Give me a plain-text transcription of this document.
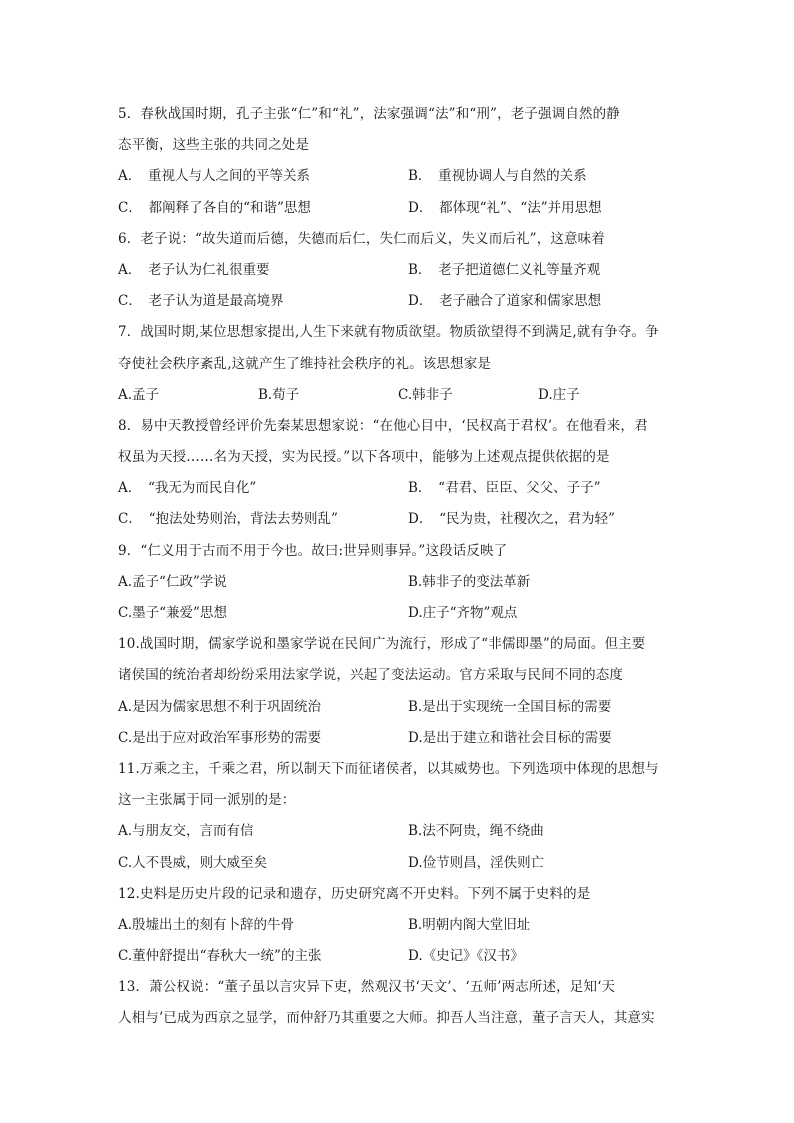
5．春秋战国时期，孔子主张“仁”和“礼”，法家强调“法”和“刑”，老子强调自然的静
态平衡，这些主张的共同之处是
A．　重视人与人之间的平等关系	B．　重视协调人与自然的关系
C．　都阐释了各自的“和谐”思想	D．　都体现“礼”、“法”并用思想
6．老子说：“故失道而后德，失德而后仁，失仁而后义，失义而后礼”，这意味着
A．　老子认为仁礼很重要	B．　老子把道德仁义礼等量齐观
C．　老子认为道是最高境界	D．　老子融合了道家和儒家思想
7．战国时期,某位思想家提出,人生下来就有物质欲望。物质欲望得不到满足,就有争夺。争
夺使社会秩序紊乱,这就产生了维持社会秩序的礼。该思想家是
A.孟子	B.荀子	C.韩非子	D.庄子
8．易中天教授曾经评价先秦某思想家说：“在他心目中，‘民权高于君权’。在他看来，君
权虽为天授……名为天授，实为民授。”以下各项中，能够为上述观点提供依据的是
A．　“我无为而民自化”	B．　“君君、臣臣、父父、子子”
C．　“抱法处势则治，背法去势则乱”	D．　“民为贵，社稷次之，君为轻”
9．“仁义用于古而不用于今也。故曰:世异则事异。”这段话反映了
A.孟子“仁政”学说	B.韩非子的变法革新
C.墨子“兼爱”思想	D.庄子“齐物”观点
10.战国时期，儒家学说和墨家学说在民间广为流行，形成了“非儒即墨”的局面。但主要
诸侯国的统治者却纷纷采用法家学说，兴起了变法运动。官方采取与民间不同的态度
A.是因为儒家思想不利于巩固统治	B.是出于实现统一全国目标的需要
C.是出于应对政治军事形势的需要	D.是出于建立和谐社会目标的需要
11.万乘之主，千乘之君，所以制天下而征诸侯者，以其威势也。下列选项中体现的思想与
这一主张属于同一派别的是：
A.与朋友交，言而有信	B.法不阿贵，绳不绕曲
C.人不畏威，则大威至矣	D.俭节则昌，淫佚则亡
12.史料是历史片段的记录和遗存，历史研究离不开史料。下列不属于史料的是
A.殷墟出土的刻有卜辞的牛骨	B.明朝内阁大堂旧址
C.董仲舒提出“春秋大一统”的主张	D.《史记》《汉书》
13．萧公权说：“董子虽以言灾异下吏，然观汉书‘天文’、‘五师’两志所述，足知‘天
人相与’已成为西京之显学，而仲舒乃其重要之大师。抑吾人当注意，董子言天人，其意实
